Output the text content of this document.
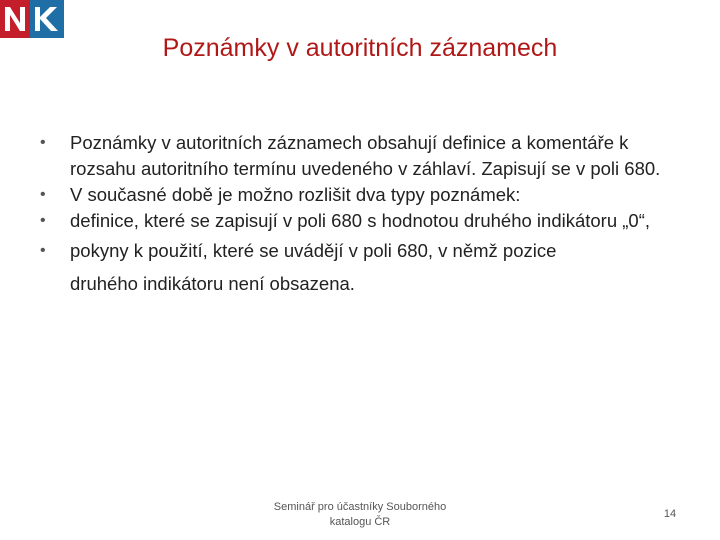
Poznámky v autoritních záznamech
•	Poznámky v autoritních záznamech obsahují definice a komentáře k rozsahu autoritního termínu uvedeného v záhlaví. Zapisují se v poli 680.
•	V současné době je možno rozlišit dva typy poznámek:
•	definice, které se zapisují v poli 680 s hodnotou druhého indikátoru „0“,
•	pokyny k použití, které se uvádějí v poli 680, v němž pozice
druhého indikátoru není obsazena.
Seminář pro účastníky Souborného katalogu ČR
14
